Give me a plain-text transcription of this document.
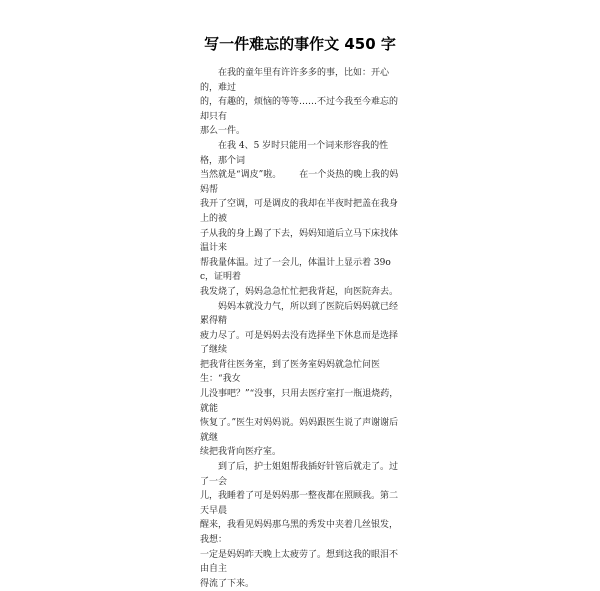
写一件难忘的事作文 450 字

在我的童年里有许许多多的事，比如：开心的，难过
的，有趣的，烦恼的等等……不过今我至今难忘的却只有
那么一件。

在我 4、5 岁时只能用一个词来形容我的性格，那个词
当然就是“调皮”啦。 在一个炎热的晚上我的妈妈帮
我开了空调，可是调皮的我却在半夜时把盖在我身上的被
子从我的身上踢了下去，妈妈知道后立马下床找体温计来
帮我量体温。过了一会儿，体温计上显示着 39oc，证明着
我发烧了，妈妈急急忙忙把我背起，向医院奔去。

妈妈本就没力气，所以到了医院后妈妈就已经累得精
疲力尽了。可是妈妈去没有选择坐下休息而是选择了继续
把我背往医务室，到了医务室妈妈就急忙问医生：“我女
儿没事吧？”“没事，只用去医疗室打一瓶退烧药，就能
恢复了。”医生对妈妈说。妈妈跟医生说了声谢谢后就继
续把我背向医疗室。

到了后，护士姐姐帮我插好针管后就走了。过了一会
儿，我睡着了可是妈妈那一整夜都在照顾我。第二天早晨
醒来，我看见妈妈那乌黑的秀发中夹着几丝银发，我想：
一定是妈妈昨天晚上太疲劳了。想到这我的眼泪不由自主
得流了下来。
